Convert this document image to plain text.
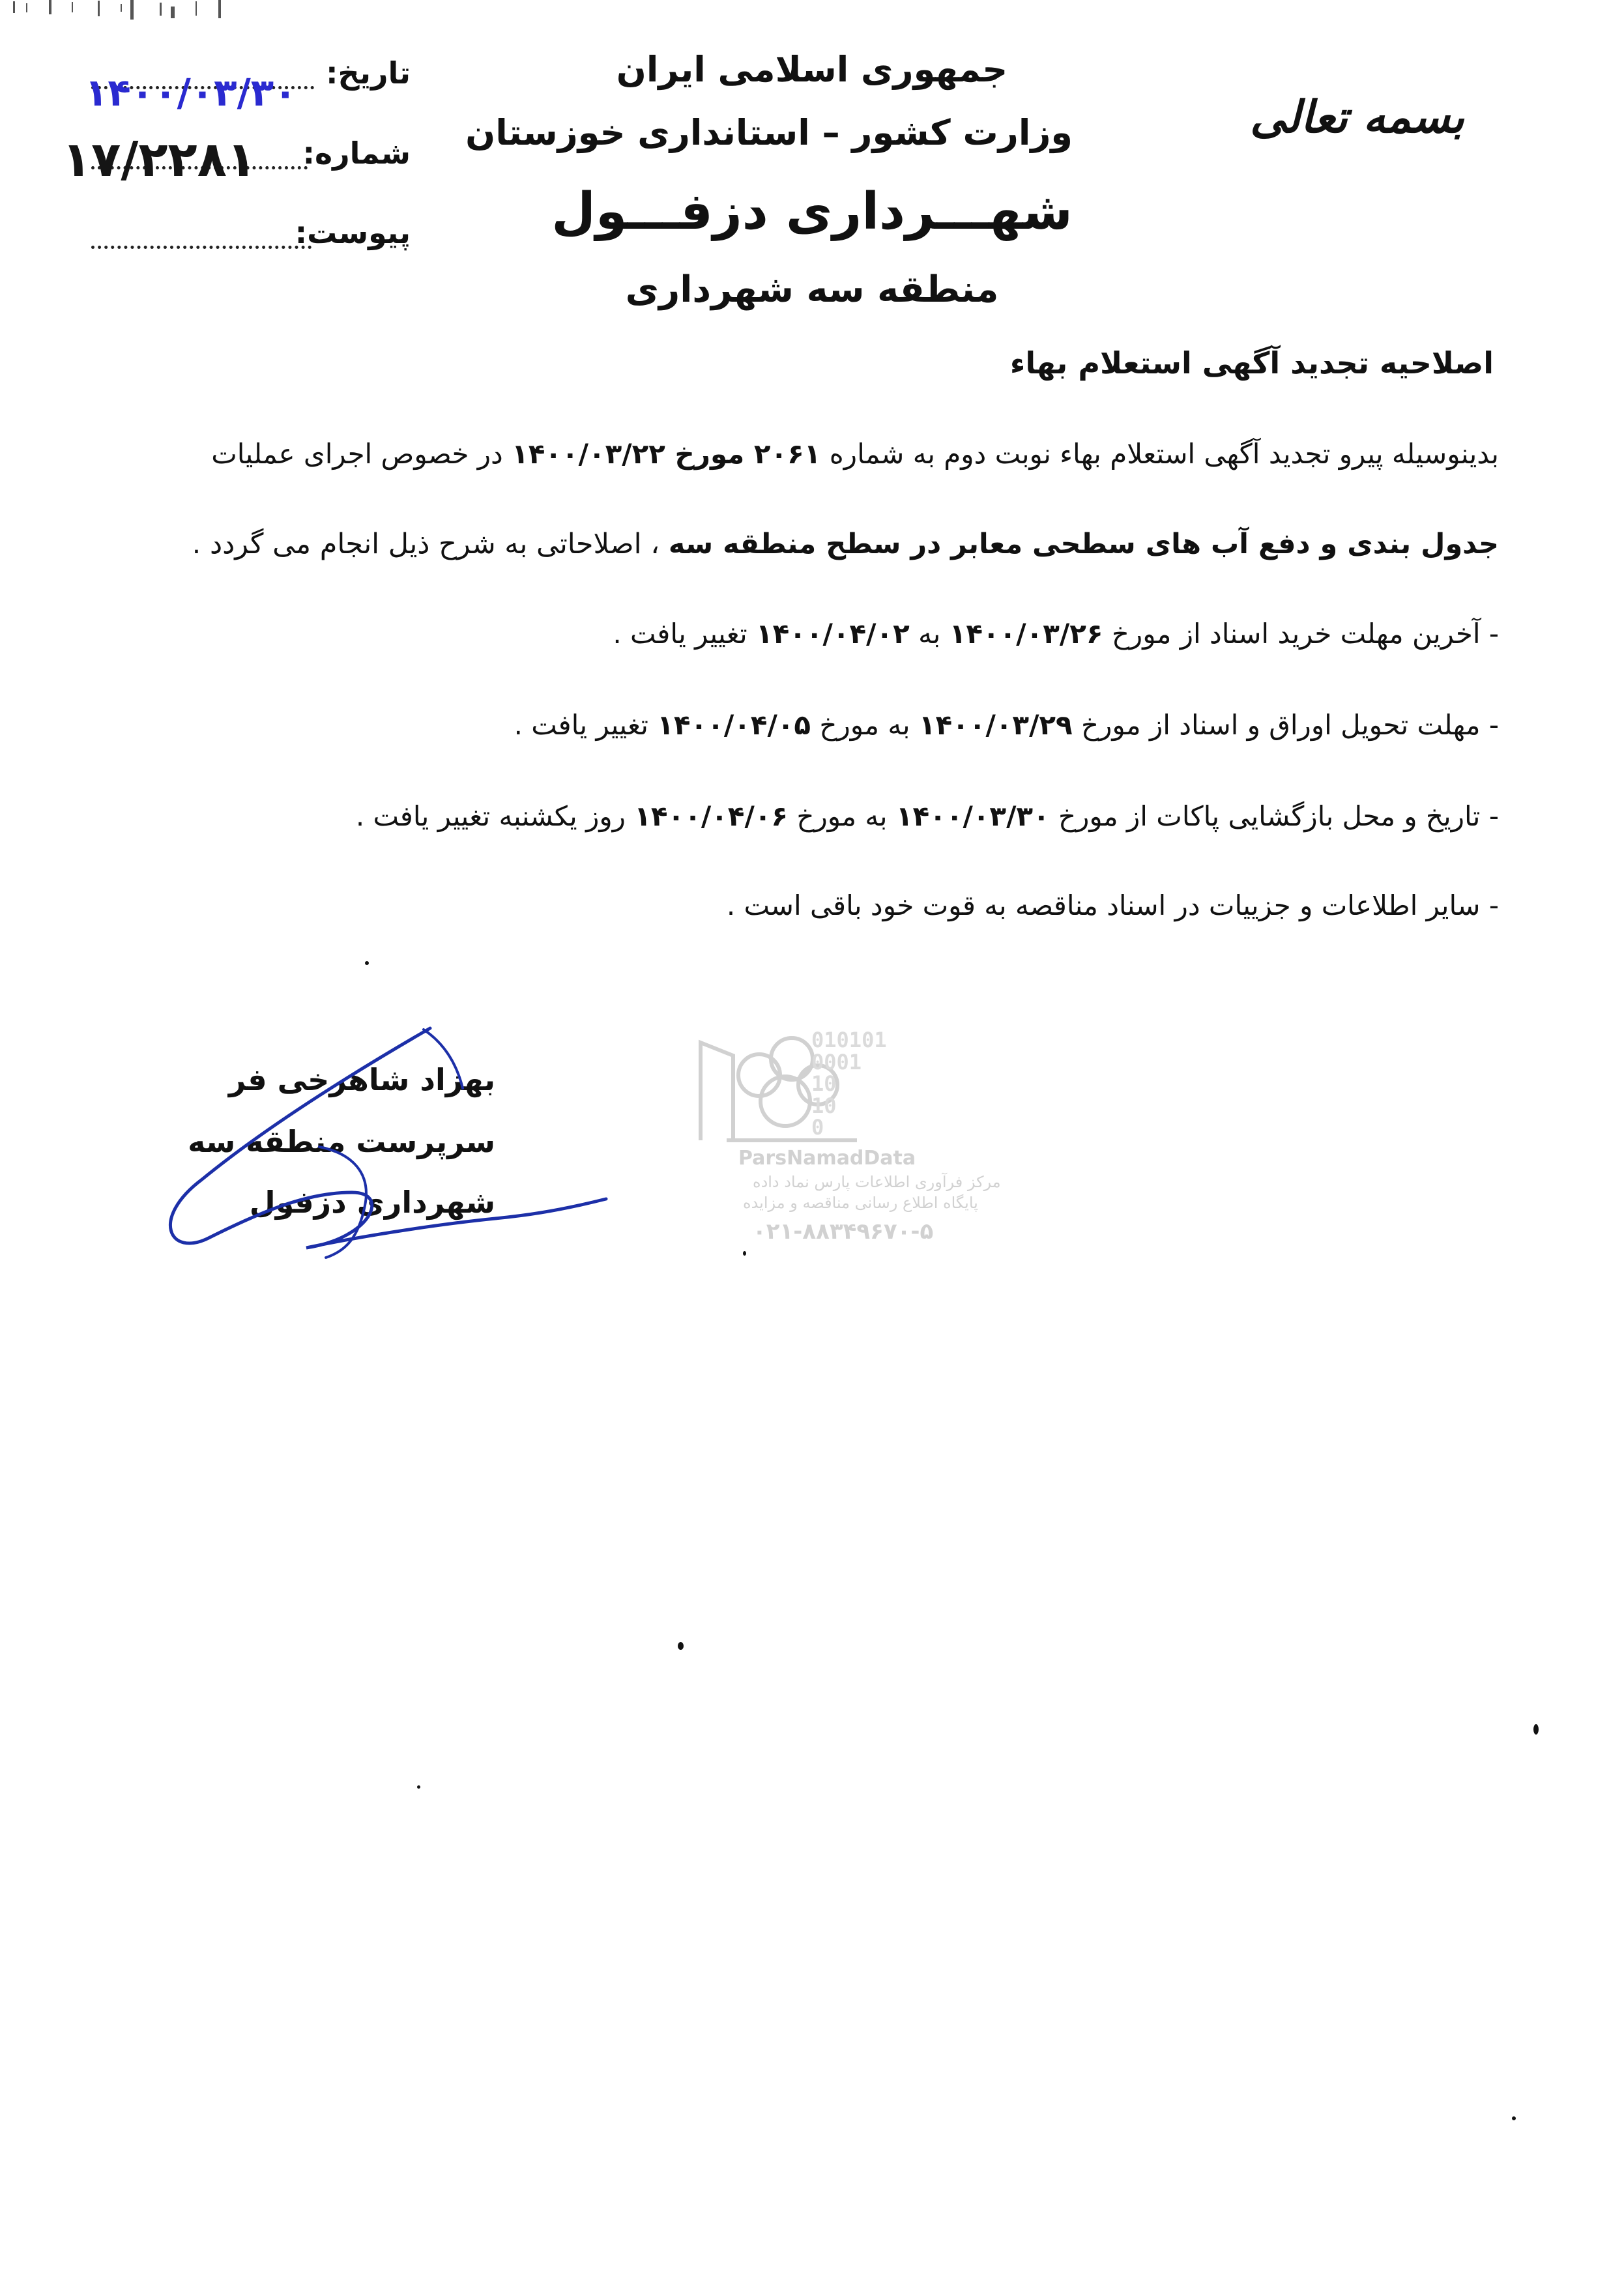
بسمه تعالی
جمهوری اسلامی ایران
وزارت کشور – استانداری خوزستان
شهـــرداری دزفـــول
منطقه سه شهرداری
تاریخ:
۱۴۰۰/۰۳/۳۰
شماره:
۱۷/۲۲۸۱
پیوست:
اصلاحیه تجدید آگهی استعلام بهاء
بدینوسیله پیرو تجدید آگهی استعلام بهاء نوبت دوم به شماره ۲۰۶۱ مورخ ۱۴۰۰/۰۳/۲۲ در خصوص اجرای عملیات
جدول بندی و دفع آب های سطحی معابر در سطح منطقه سه ، اصلاحاتی به شرح ذیل انجام می گردد .
- آخرین مهلت خرید اسناد از مورخ ۱۴۰۰/۰۳/۲۶ به ۱۴۰۰/۰۴/۰۲ تغییر یافت .
- مهلت تحویل اوراق و اسناد از مورخ ۱۴۰۰/۰۳/۲۹ به مورخ ۱۴۰۰/۰۴/۰۵ تغییر یافت .
- تاریخ و محل بازگشایی پاکات از مورخ ۱۴۰۰/۰۳/۳۰ به مورخ ۱۴۰۰/۰۴/۰۶ روز یکشنبه تغییر یافت .
- سایر اطلاعات و جزییات در اسناد مناقصه به قوت خود باقی است .
010101
0001
10
10
0
ParsNamadData
مرکز فرآوری اطلاعات پارس نماد داده
پایگاه اطلاع رسانی مناقصه و مزایده
۰۲۱-۸۸۳۴۹۶۷۰-۵
بهزاد شاهرخی فر
سرپرست منطقه سه
شهرداری دزفول
